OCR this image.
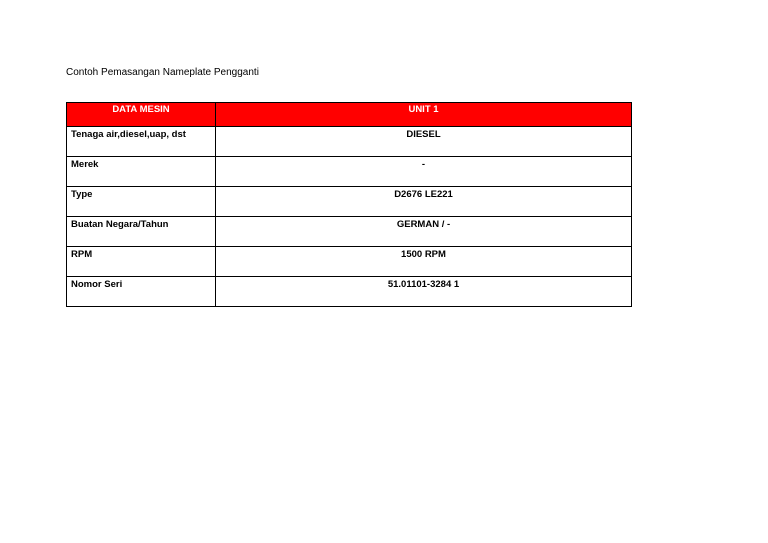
Contoh Pemasangan Nameplate Pengganti
DATA MESIN	UNIT 1
Tenaga air,diesel,uap, dst	DIESEL
Merek	-
Type	D2676 LE221
Buatan Negara/Tahun	GERMAN / -
RPM	1500 RPM
Nomor Seri	51.01101-3284 1
